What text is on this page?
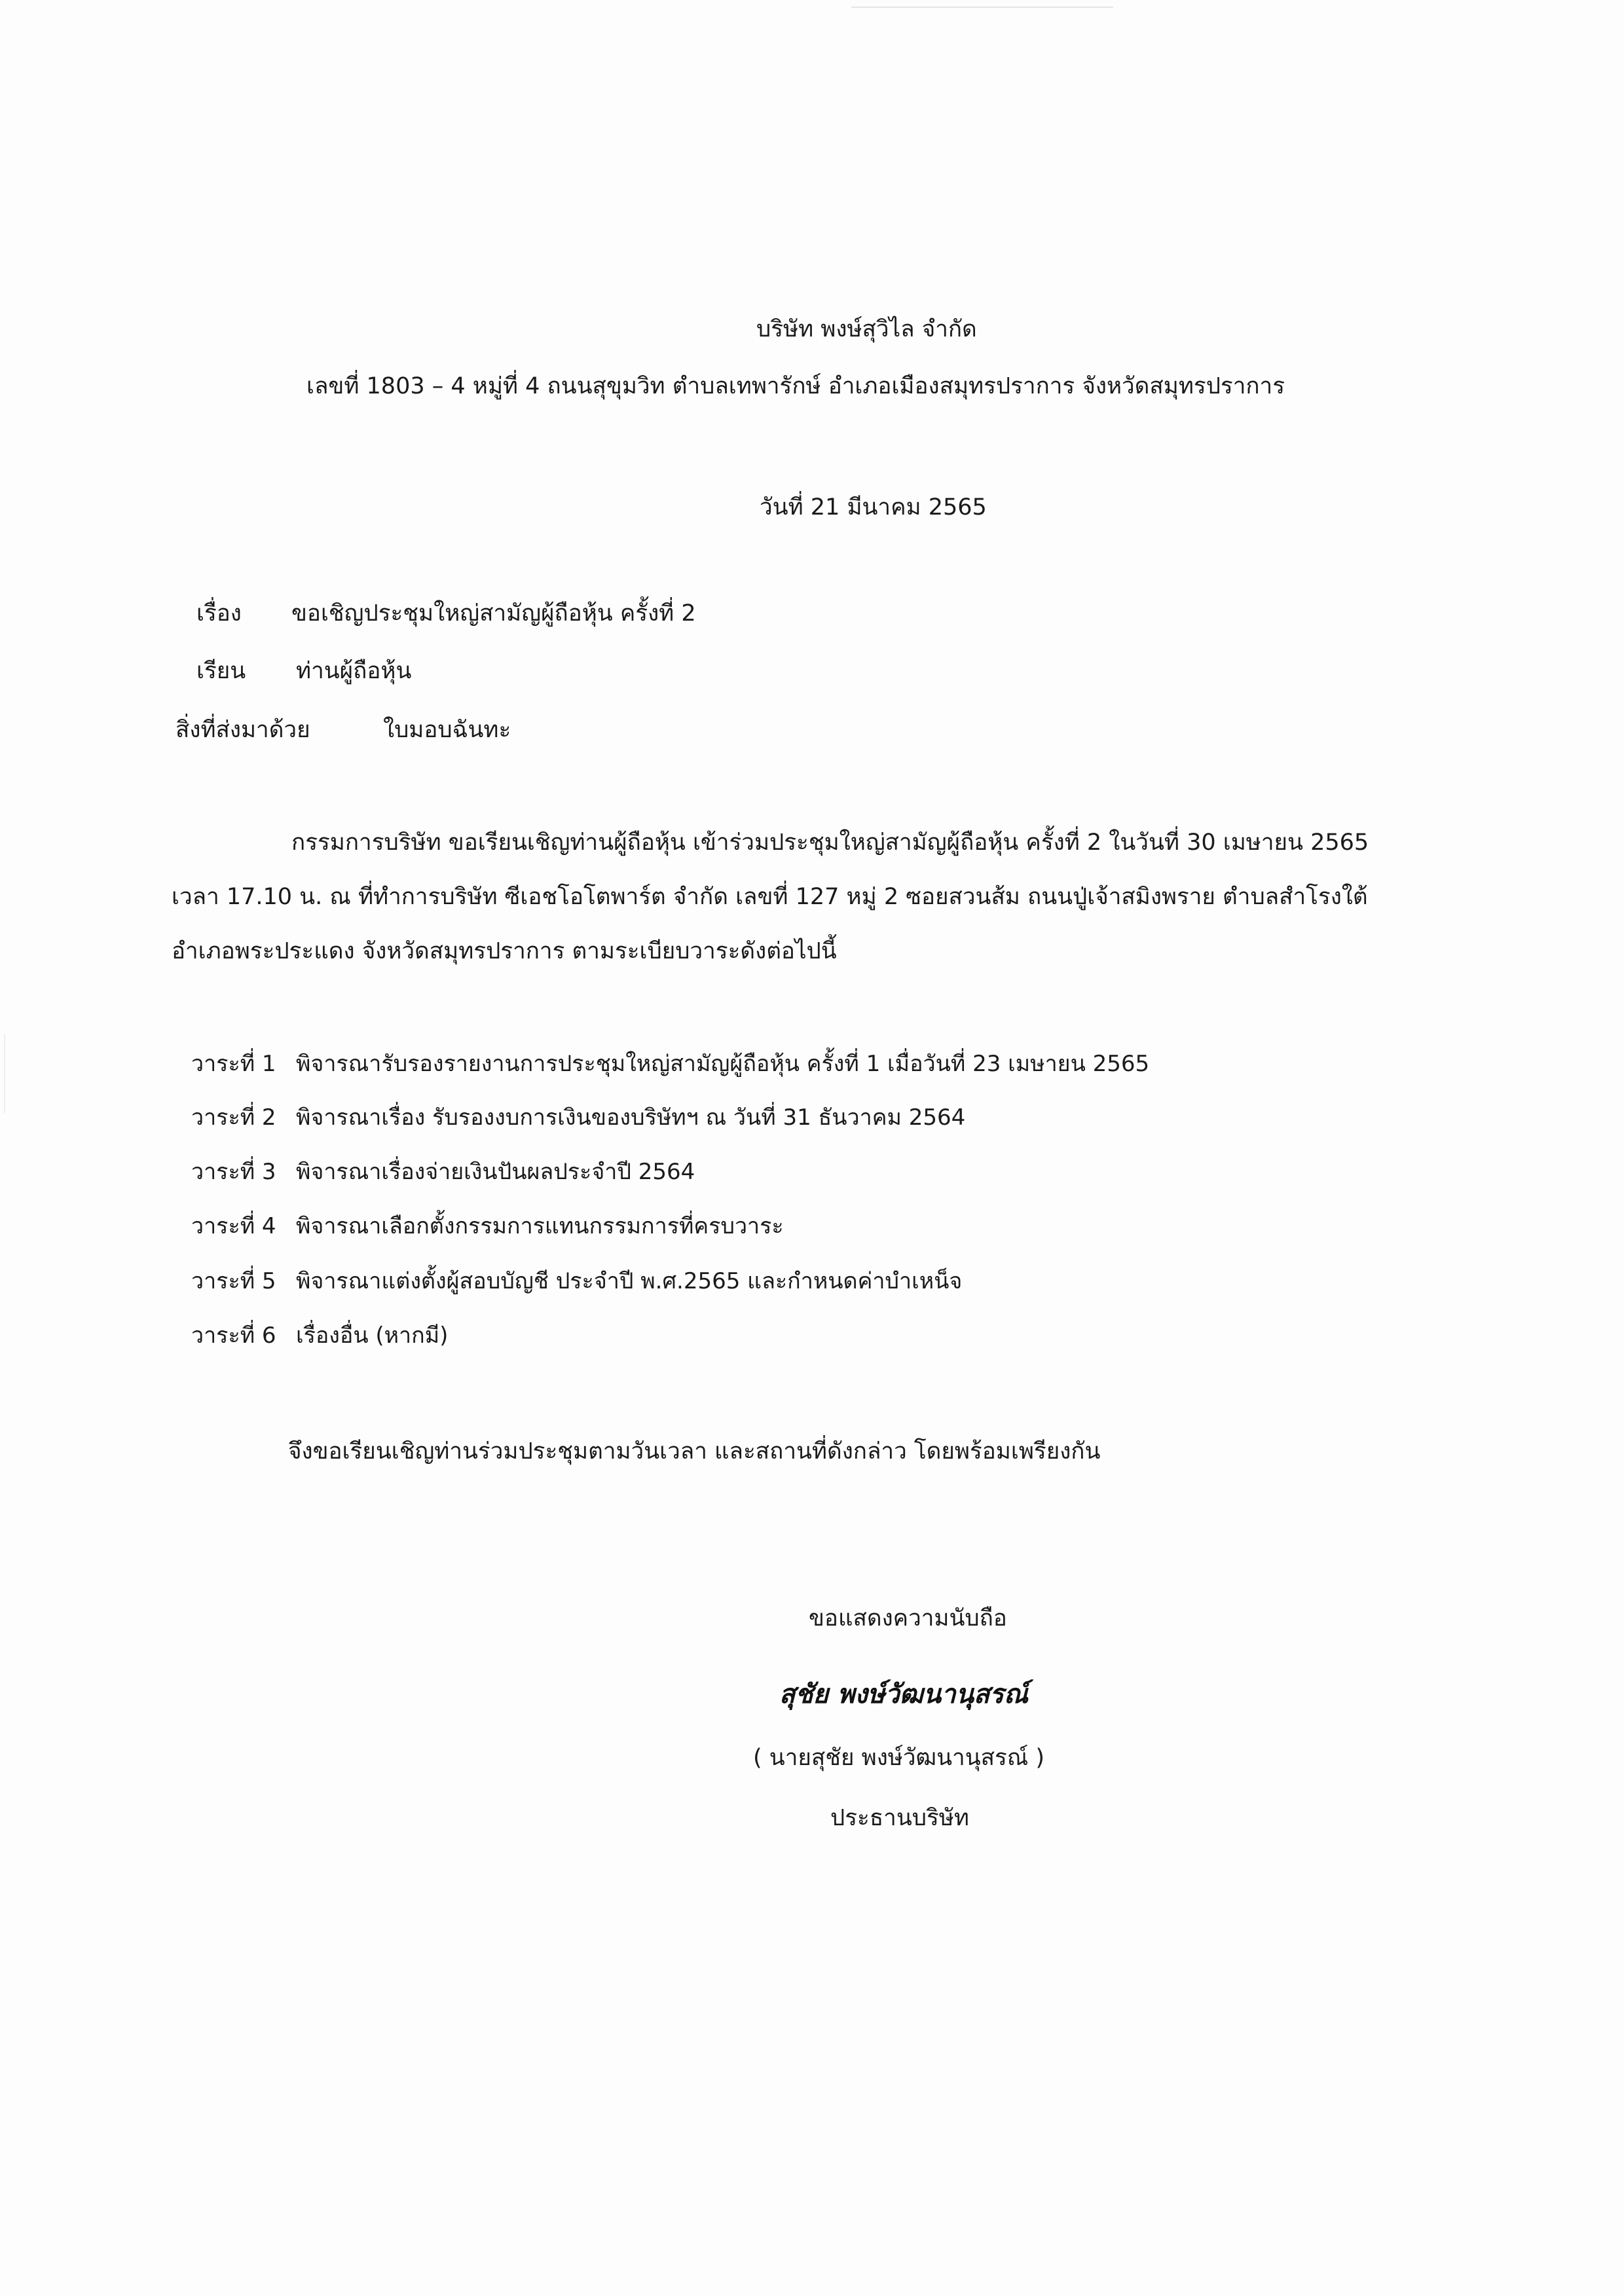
บริษัท พงษ์สุวิไล จำกัด
เลขที่ 1803 – 4 หมู่ที่ 4 ถนนสุขุมวิท ตำบลเทพารักษ์ อำเภอเมืองสมุทรปราการ จังหวัดสมุทรปราการ
วันที่ 21 มีนาคม 2565
เรื่อง ขอเชิญประชุมใหญ่สามัญผู้ถือหุ้น ครั้งที่ 2
เรียน ท่านผู้ถือหุ้น
สิ่งที่ส่งมาด้วย	ใบมอบฉันทะ
กรรมการบริษัท ขอเรียนเชิญท่านผู้ถือหุ้น เข้าร่วมประชุมใหญ่สามัญผู้ถือหุ้น ครั้งที่ 2 ในวันที่ 30 เมษายน 2565
เวลา 17.10 น. ณ ที่ทำการบริษัท ซีเอชโอโตพาร์ต จำกัด เลขที่ 127 หมู่ 2 ซอยสวนส้ม ถนนปู่เจ้าสมิงพราย ตำบลสำโรงใต้
อำเภอพระประแดง จังหวัดสมุทรปราการ ตามระเบียบวาระดังต่อไปนี้
วาระที่ 1 พิจารณารับรองรายงานการประชุมใหญ่สามัญผู้ถือหุ้น ครั้งที่ 1 เมื่อวันที่ 23 เมษายน 2565
วาระที่ 2 พิจารณาเรื่อง รับรองงบการเงินของบริษัทฯ ณ วันที่ 31 ธันวาคม 2564
วาระที่ 3 พิจารณาเรื่องจ่ายเงินปันผลประจำปี 2564
วาระที่ 4 พิจารณาเลือกตั้งกรรมการแทนกรรมการที่ครบวาระ
วาระที่ 5 พิจารณาแต่งตั้งผู้สอบบัญชี ประจำปี พ.ศ.2565 และกำหนดค่าบำเหน็จ
วาระที่ 6 เรื่องอื่น (หากมี)
จึงขอเรียนเชิญท่านร่วมประชุมตามวันเวลา และสถานที่ดังกล่าว โดยพร้อมเพรียงกัน
ขอแสดงความนับถือ
สุชัย พงษ์วัฒนานุสรณ์
( นายสุชัย พงษ์วัฒนานุสรณ์ )
ประธานบริษัท
